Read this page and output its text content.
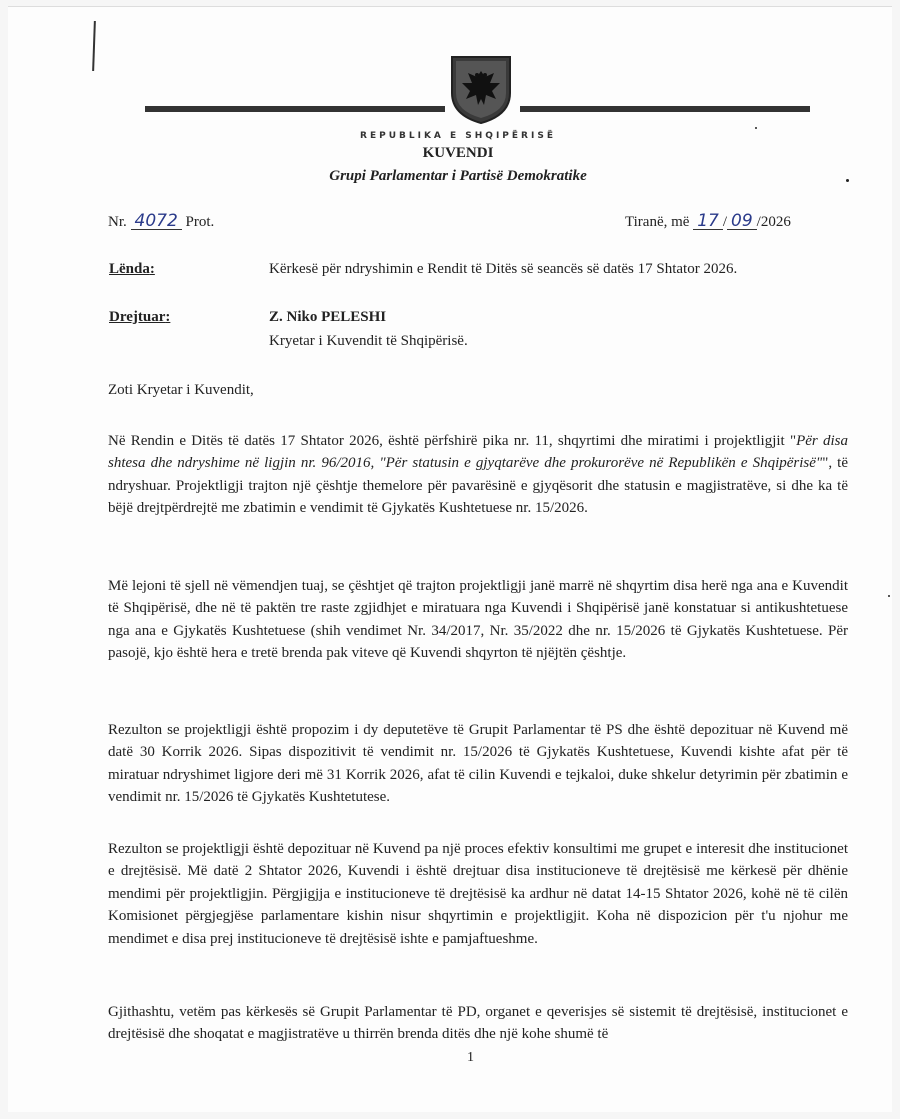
REPUBLIKA E SHQIPËRISË
KUVENDI
Grupi Parlamentar i Partisë Demokratike
Nr. 4072 Prot.	Tiranë, më 17 / 09 /2026
Lënda:	Kërkesë për ndryshimin e Rendit të Ditës së seancës së datës 17 Shtator 2026.
Drejtuar:	Z. Niko PELESHI
Kryetar i Kuvendit të Shqipërisë.
Zoti Kryetar i Kuvendit,
Në Rendin e Ditës të datës 17 Shtator 2026, është përfshirë pika nr. 11, shqyrtimi dhe miratimi i projektligjit "Për disa shtesa dhe ndryshime në ligjin nr. 96/2016, "Për statusin e gjyqtarëve dhe prokurorëve në Republikën e Shqipërisë"", të ndryshuar. Projektligji trajton një çështje themelore për pavarësinë e gjyqësorit dhe statusin e magjistratëve, si dhe ka të bëjë drejtpërdrejtë me zbatimin e vendimit të Gjykatës Kushtetuese nr. 15/2026.
Më lejoni të sjell në vëmendjen tuaj, se çështjet që trajton projektligji janë marrë në shqyrtim disa herë nga ana e Kuvendit të Shqipërisë, dhe në të paktën tre raste zgjidhjet e miratuara nga Kuvendi i Shqipërisë janë konstatuar si antikushtetuese nga ana e Gjykatës Kushtetuese (shih vendimet Nr. 34/2017, Nr. 35/2022 dhe nr. 15/2026 të Gjykatës Kushtetuese. Për pasojë, kjo është hera e tretë brenda pak viteve që Kuvendi shqyrton të njëjtën çështje.
Rezulton se projektligji është propozim i dy deputetëve të Grupit Parlamentar të PS dhe është depozituar në Kuvend më datë 30 Korrik 2026. Sipas dispozitivit të vendimit nr. 15/2026 të Gjykatës Kushtetuese, Kuvendi kishte afat për të miratuar ndryshimet ligjore deri më 31 Korrik 2026, afat të cilin Kuvendi e tejkaloi, duke shkelur detyrimin për zbatimin e vendimit nr. 15/2026 të Gjykatës Kushtetutese.
Rezulton se projektligji është depozituar në Kuvend pa një proces efektiv konsultimi me grupet e interesit dhe institucionet e drejtësisë. Më datë 2 Shtator 2026, Kuvendi i është drejtuar disa institucioneve të drejtësisë me kërkesë për dhënie mendimi për projektligjin. Përgjigjja e institucioneve të drejtësisë ka ardhur në datat 14-15 Shtator 2026, kohë në të cilën Komisionet përgjegjëse parlamentare kishin nisur shqyrtimin e projektligjit. Koha në dispozicion për t'u njohur me mendimet e disa prej institucioneve të drejtësisë ishte e pamjaftueshme.
Gjithashtu, vetëm pas kërkesës së Grupit Parlamentar të PD, organet e qeverisjes së sistemit të drejtësisë, institucionet e drejtësisë dhe shoqatat e magjistratëve u thirrën brenda ditës dhe një kohe shumë të
1
